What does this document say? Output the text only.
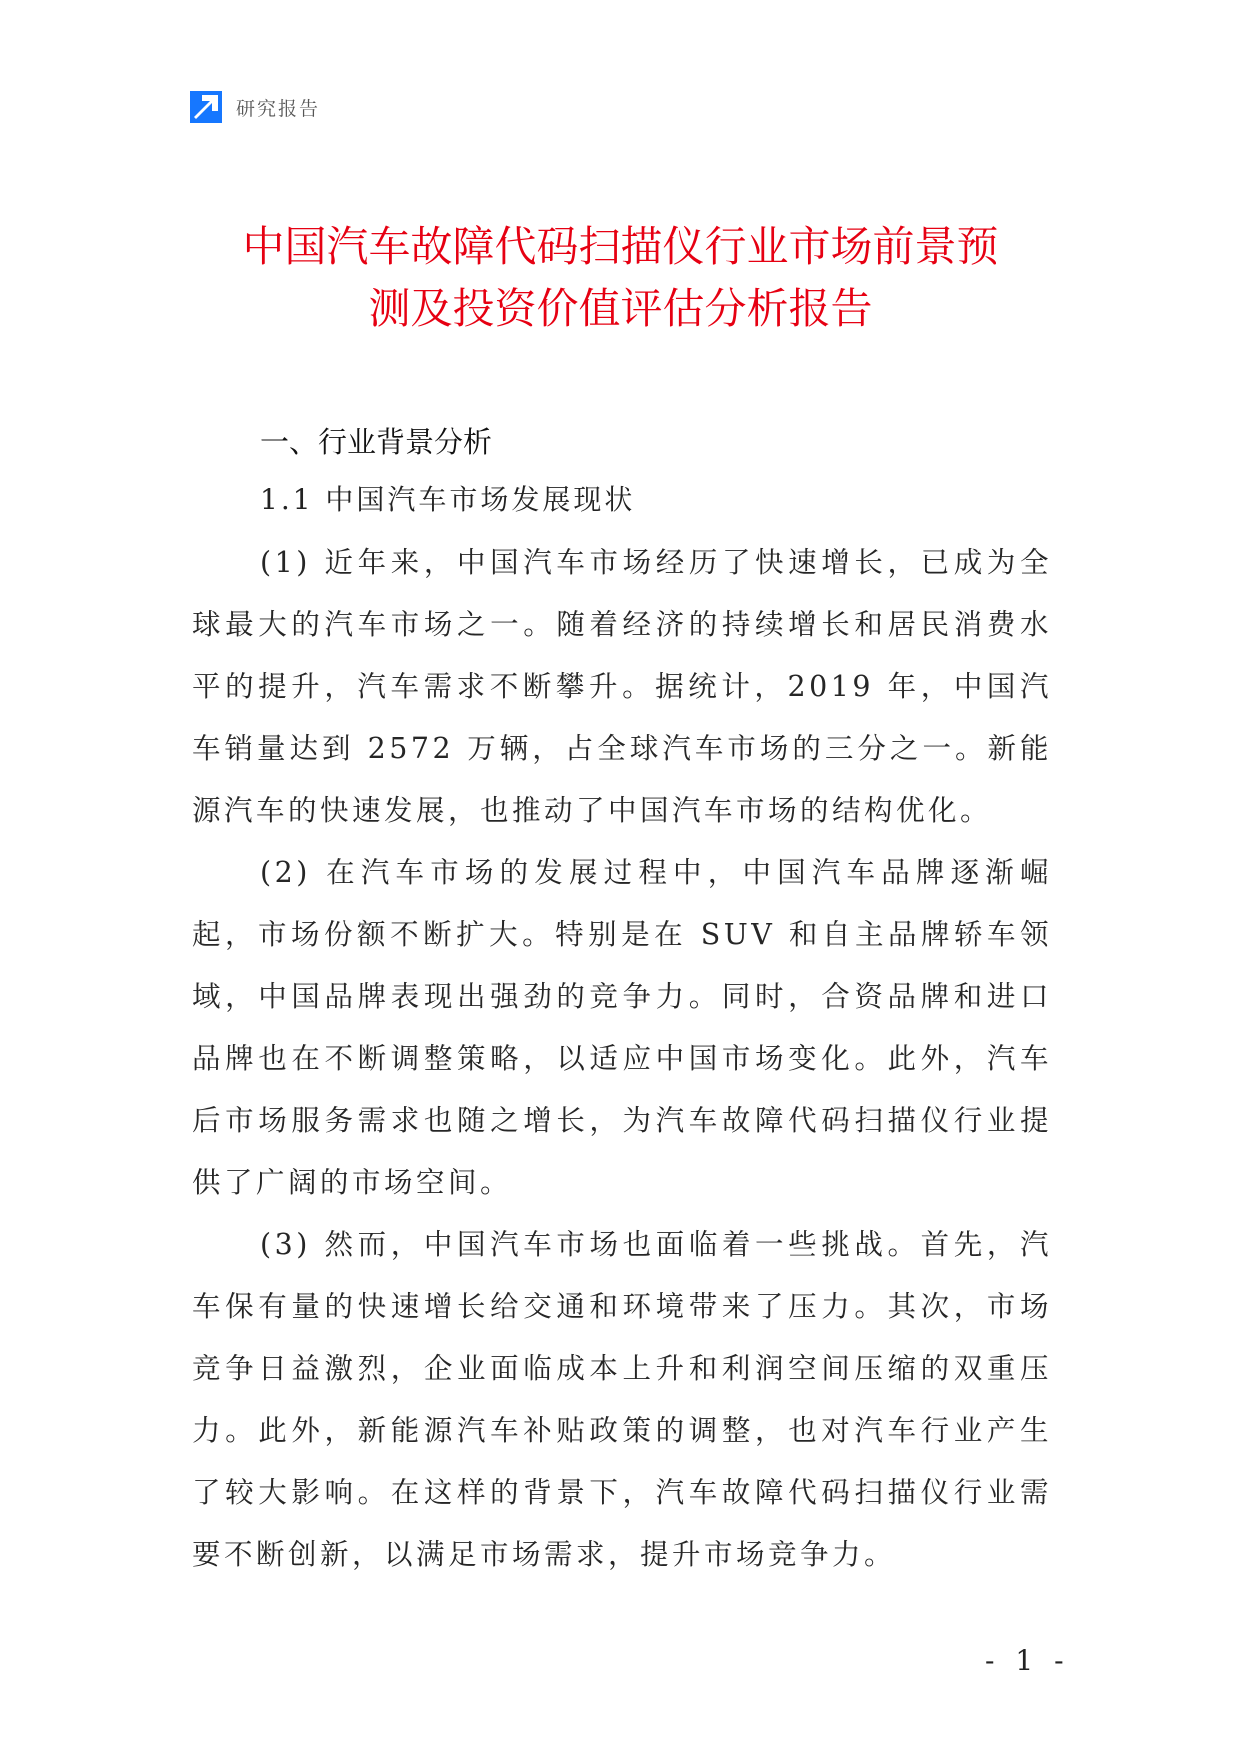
研究报告
中国汽车故障代码扫描仪行业市场前景预
测及投资价值评估分析报告
一、行业背景分析
1.1 中国汽车市场发展现状

(1) 近年来，中国汽车市场经历了快速增长，已成为全球最大的汽车市场之一。随着经济的持续增长和居民消费水平的提升，汽车需求不断攀升。据统计，2019 年，中国汽车销量达到 2572 万辆，占全球汽车市场的三分之一。新能源汽车的快速发展，也推动了中国汽车市场的结构优化。

(2) 在汽车市场的发展过程中，中国汽车品牌逐渐崛起，市场份额不断扩大。特别是在 SUV 和自主品牌轿车领域，中国品牌表现出强劲的竞争力。同时，合资品牌和进口品牌也在不断调整策略，以适应中国市场变化。此外，汽车后市场服务需求也随之增长，为汽车故障代码扫描仪行业提供了广阔的市场空间。

(3) 然而，中国汽车市场也面临着一些挑战。首先，汽车保有量的快速增长给交通和环境带来了压力。其次，市场竞争日益激烈，企业面临成本上升和利润空间压缩的双重压力。此外，新能源汽车补贴政策的调整，也对汽车行业产生了较大影响。在这样的背景下，汽车故障代码扫描仪行业需要不断创新，以满足市场需求，提升市场竞争力。

- 1 -
